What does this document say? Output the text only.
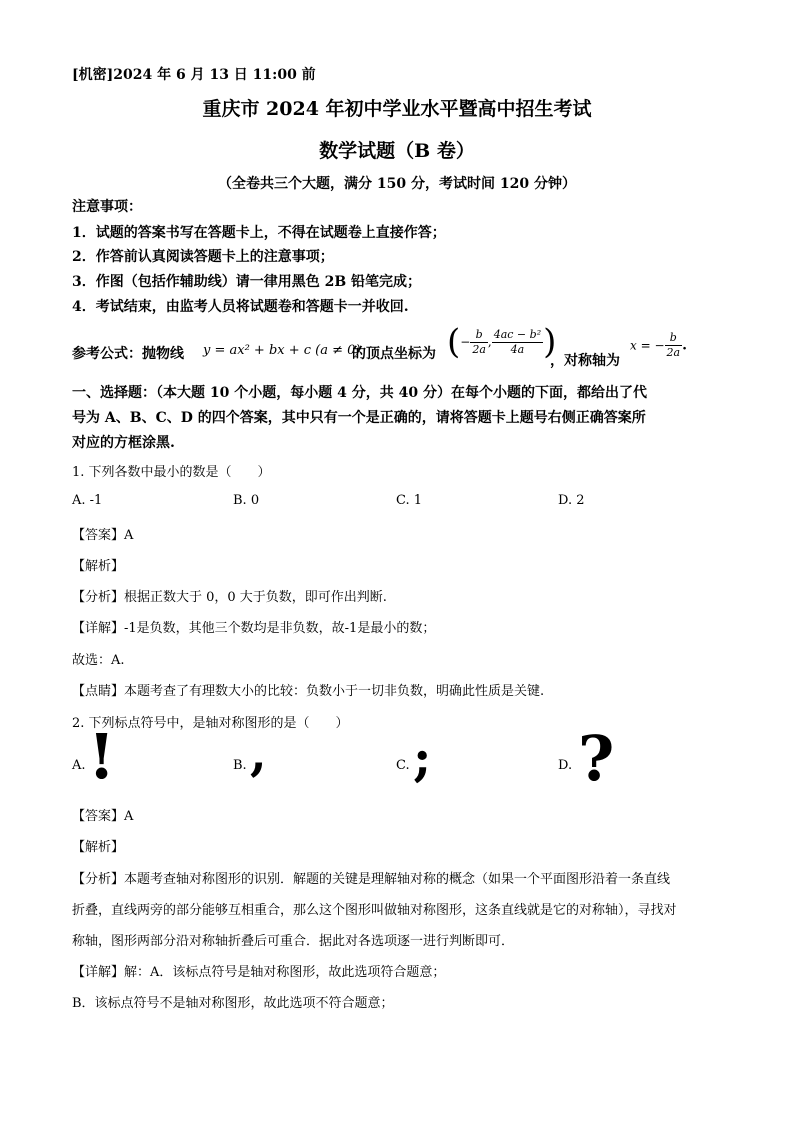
[机密]2024 年 6 月 13 日 11:00 前
重庆市 2024 年初中学业水平暨高中招生考试
数学试题（B 卷）
（全卷共三个大题，满分 150 分，考试时间 120 分钟）
注意事项：
1．试题的答案书写在答题卡上，不得在试题卷上直接作答；
2．作答前认真阅读答题卡上的注意事项；
3．作图（包括作辅助线）请一律用黑色 2B 铅笔完成；
4．考试结束，由监考人员将试题卷和答题卡一并收回.
参考公式：抛物线 y = ax² + bx + c (a ≠ 0)
的顶点坐标为 (− $\frac{b}{2a}$ , $\frac{\text{4ac − b²}}{4a}$ )
，对称轴为
x = − $\frac{b}{2a}$ .
一、选择题：（本大题 10 个小题，每小题 4 分，共 40 分）在每个小题的下面，都给出了代
号为 A、B、C、D 的四个答案，其中只有一个是正确的，请将答题卡上题号右侧正确答案所
对应的方框涂黑.
1. 下列各数中最小的数是（　　）
A. -1	B. 0	C. 1	D. 2
【答案】A
【解析】
【分析】根据正数大于 0，0 大于负数，即可作出判断.
【详解】-1是负数，其他三个数均是非负数，故-1是最小的数；
故选：A.
【点睛】本题考查了有理数大小的比较：负数小于一切非负数，明确此性质是关键.
2. 下列标点符号中，是轴对称图形的是（　　）
A. !	B. ,	C. ;	D. ?
【答案】A
【解析】
【分析】本题考查轴对称图形的识别．解题的关键是理解轴对称的概念（如果一个平面图形沿着一条直线
折叠，直线两旁的部分能够互相重合，那么这个图形叫做轴对称图形，这条直线就是它的对称轴），寻找对
称轴，图形两部分沿对称轴折叠后可重合．据此对各选项逐一进行判断即可．
【详解】解：A．该标点符号是轴对称图形，故此选项符合题意；
B．该标点符号不是轴对称图形，故此选项不符合题意；
